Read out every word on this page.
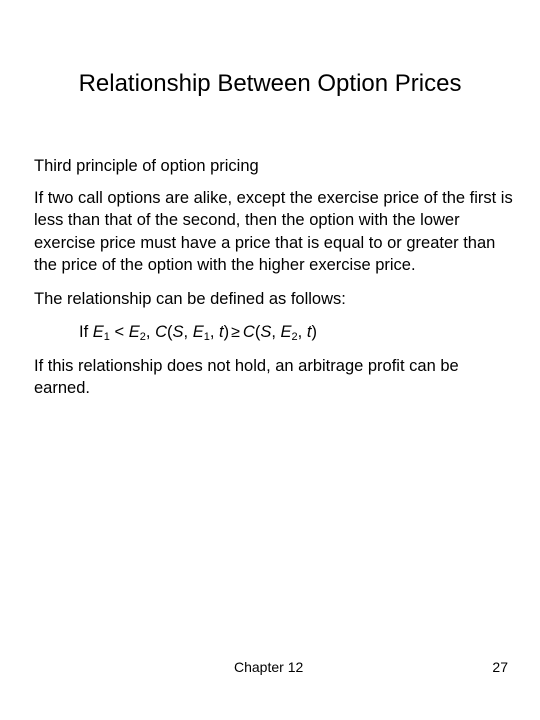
Relationship Between Option Prices

Third principle of option pricing

If two call options are alike, except the exercise price of the first is less than that of the second, then the option with the lower exercise price must have a price that is equal to or greater than the price of the option with the higher exercise price.

The relationship can be defined as follows:

If $E_1 < E_2$, C(S, $E_1$, t) ≥ C(S, $E_2$, t)

If this relationship does not hold, an arbitrage profit can be earned.

Chapter 12	27
